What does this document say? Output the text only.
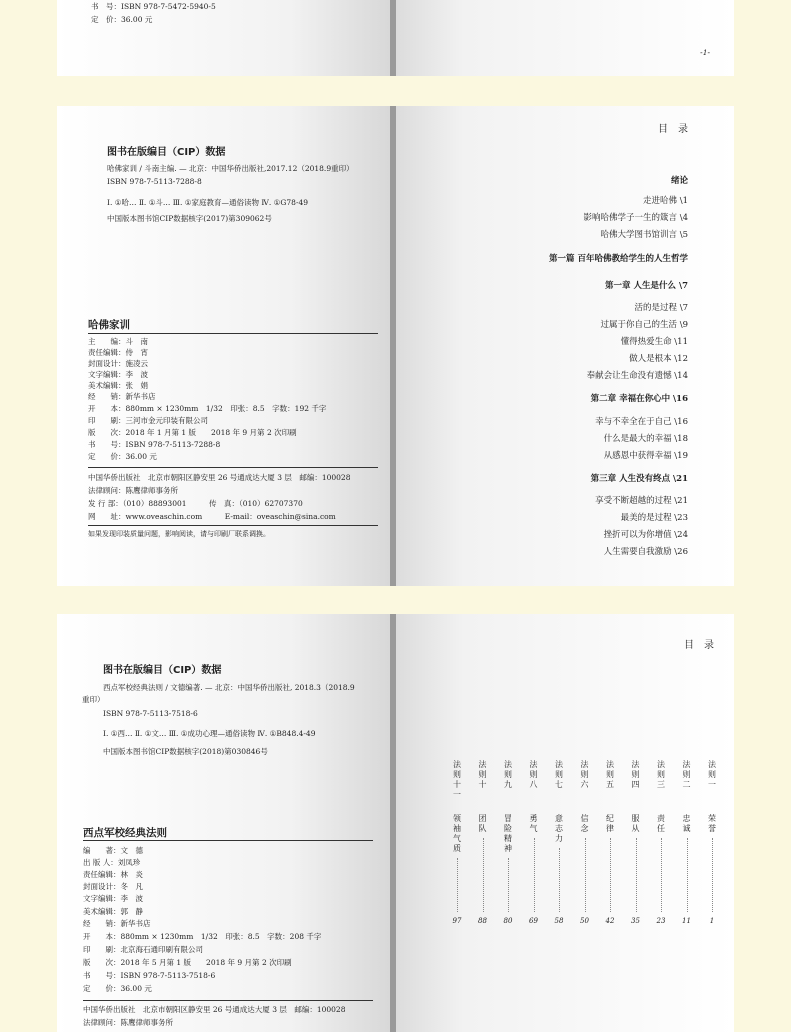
书　号：ISBN 978-7-5472-5940-5
定　价：36.00 元
-1-
图书在版编目（CIP）数据
哈佛家训 / 斗南主编. — 北京：中国华侨出版社,2017.12（2018.9重印）
ISBN 978-7-5113-7288-8
Ⅰ. ①哈… Ⅱ. ①斗… Ⅲ. ①家庭教育—通俗读物 Ⅳ. ①G78-49
中国版本图书馆CIP数据核字(2017)第309062号
哈佛家训
主　　编：斗　南
责任编辑：侍　宵
封面设计：施凌云
文字编辑：李　波
美术编辑：张　娟
经　　销：新华书店
开　　本：880mm × 1230mm　1/32　印张：8.5　字数：192 千字
印　　刷：三河市金元印装有限公司
版　　次：2018 年 1 月第 1 版　　2018 年 9 月第 2 次印刷
书　　号：ISBN 978-7-5113-7288-8
定　　价：36.00 元
中国华侨出版社　北京市朝阳区静安里 26 号通成达大厦 3 层　邮编：100028
法律顾问：陈鹰律师事务所
发 行 部：（010）88893001　　　传　真：（010）62707370
网　　址：www.oveaschin.com　　　E-mail：oveaschin@sina.com
如果发现印装质量问题，影响阅读，请与印刷厂联系调换。
目　录
绪论
走进哈佛 \1
影响哈佛学子一生的箴言 \4
哈佛大学图书馆训言 \5
第一篇 百年哈佛教给学生的人生哲学
第一章 人生是什么 \7
活的是过程 \7
过属于你自己的生活 \9
懂得热爱生命 \11
做人是根本 \12
奉献会让生命没有遗憾 \14
第二章 幸福在你心中 \16
幸与不幸全在于自己 \16
什么是最大的幸福 \18
从感恩中获得幸福 \19
第三章 人生没有终点 \21
享受不断超越的过程 \21
最美的是过程 \23
挫折可以为你增值 \24
人生需要自我激励 \26
图书在版编目（CIP）数据
西点军校经典法则 / 文德编著. — 北京：中国华侨出版社, 2018.3（2018.9
重印）
ISBN 978-7-5113-7518-6
Ⅰ. ①西… Ⅱ. ①文… Ⅲ. ①成功心理—通俗读物 Ⅳ. ①B848.4-49
中国版本图书馆CIP数据核字(2018)第030846号
西点军校经典法则
编　　著：文　德
出 版 人：刘凤珍
责任编辑：林　炎
封面设计：冬　凡
文字编辑：李　波
美术编辑：郭　静
经　　销：新华书店
开　　本：880mm × 1230mm　1/32　印张：8.5　字数：208 千字
印　　刷：北京海石通印刷有限公司
版　　次：2018 年 5 月第 1 版　　2018 年 9 月第 2 次印刷
书　　号：ISBN 978-7-5113-7518-6
定　　价：36.00 元
中国华侨出版社　北京市朝阳区静安里 26 号通成达大厦 3 层　邮编：100028
法律顾问：陈鹰律师事务所
目　录
法
则
一
荣
誉
1
法
则
二
忠
诚
11
法
则
三
责
任
23
法
则
四
服
从
35
法
则
五
纪
律
42
法
则
六
信
念
50
法
则
七
意
志
力
58
法
则
八
勇
气
69
法
则
九
冒
险
精
神
80
法
则
十
团
队
88
法
则
十
一
领
袖
气
质
97
